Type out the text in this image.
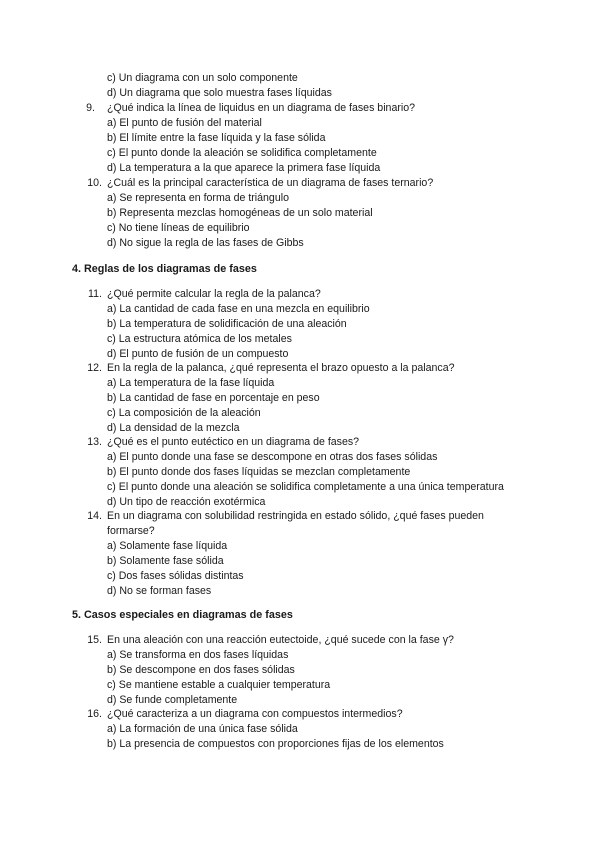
c) Un diagrama con un solo componente
d) Un diagrama que solo muestra fases líquidas
9. ¿Qué indica la línea de liquidus en un diagrama de fases binario?
a) El punto de fusión del material
b) El límite entre la fase líquida y la fase sólida
c) El punto donde la aleación se solidifica completamente
d) La temperatura a la que aparece la primera fase líquida
10. ¿Cuál es la principal característica de un diagrama de fases ternario?
a) Se representa en forma de triángulo
b) Representa mezclas homogéneas de un solo material
c) No tiene líneas de equilibrio
d) No sigue la regla de las fases de Gibbs
4. Reglas de los diagramas de fases
11. ¿Qué permite calcular la regla de la palanca?
a) La cantidad de cada fase en una mezcla en equilibrio
b) La temperatura de solidificación de una aleación
c) La estructura atómica de los metales
d) El punto de fusión de un compuesto
12. En la regla de la palanca, ¿qué representa el brazo opuesto a la palanca?
a) La temperatura de la fase líquida
b) La cantidad de fase en porcentaje en peso
c) La composición de la aleación
d) La densidad de la mezcla
13. ¿Qué es el punto eutéctico en un diagrama de fases?
a) El punto donde una fase se descompone en otras dos fases sólidas
b) El punto donde dos fases líquidas se mezclan completamente
c) El punto donde una aleación se solidifica completamente a una única temperatura
d) Un tipo de reacción exotérmica
14. En un diagrama con solubilidad restringida en estado sólido, ¿qué fases pueden
formarse?
a) Solamente fase líquida
b) Solamente fase sólida
c) Dos fases sólidas distintas
d) No se forman fases
5. Casos especiales en diagramas de fases
15. En una aleación con una reacción eutectoide, ¿qué sucede con la fase γ?
a) Se transforma en dos fases líquidas
b) Se descompone en dos fases sólidas
c) Se mantiene estable a cualquier temperatura
d) Se funde completamente
16. ¿Qué caracteriza a un diagrama con compuestos intermedios?
a) La formación de una única fase sólida
b) La presencia de compuestos con proporciones fijas de los elementos
